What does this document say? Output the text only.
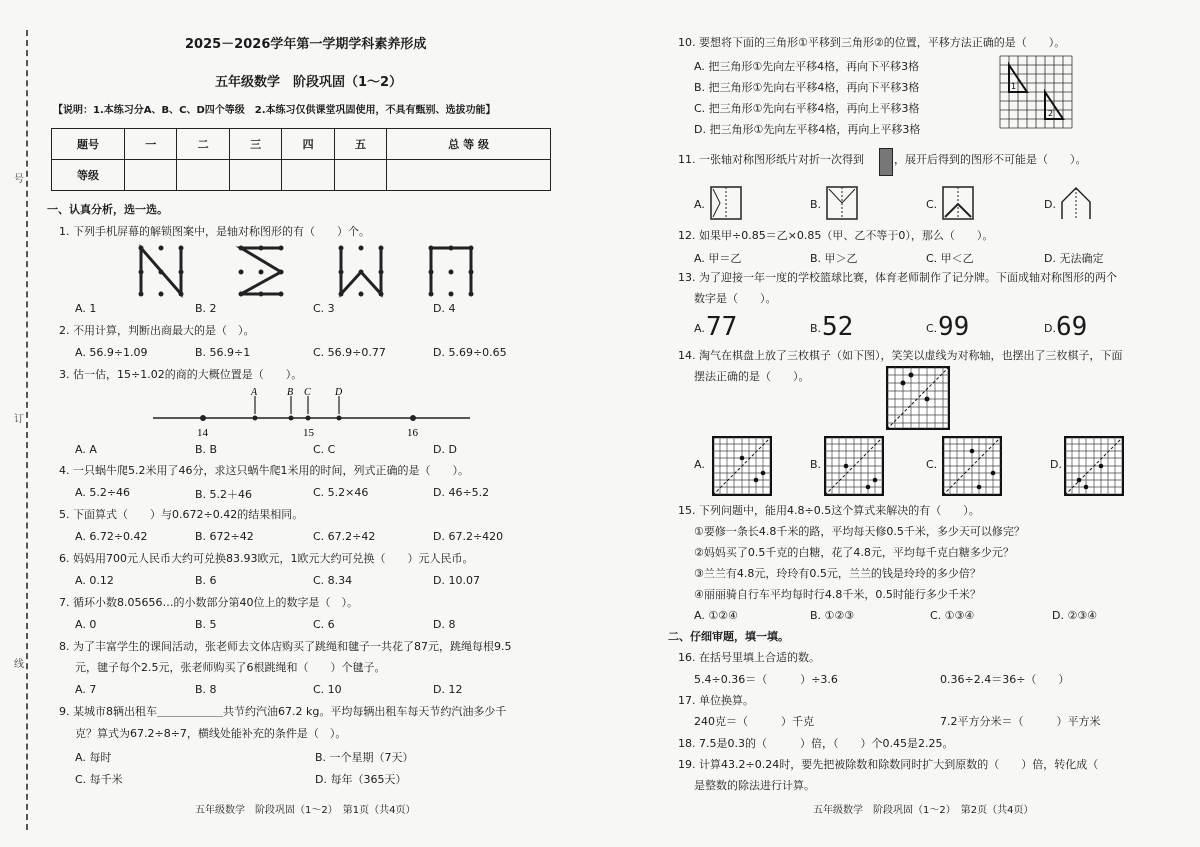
号
订
线
2025－2026学年第一学期学科素养形成
五年级数学　阶段巩固（1～2）
【说明：1.本练习分A、B、C、D四个等级　2.本练习仅供课堂巩固使用，不具有甄别、选拔功能】
题号	一	二	三	四	五	总 等 级
等级						
一、认真分析，选一选。
1. 下列手机屏幕的解锁图案中，是轴对称图形的有（　　）个。
A. 1	B. 2	C. 3	D. 4
2. 不用计算，判断出商最大的是（　）。
A. 56.9÷1.09	B. 56.9÷1	C. 56.9÷0.77	D. 5.69÷0.65
3. 估一估，15÷1.02的商的大概位置是（　　）。
A	B C D
14	15	16
A. A	B. B	C. C	D. D
4. 一只蜗牛爬5.2米用了46分，求这只蜗牛爬1米用的时间，列式正确的是（　　）。
A. 5.2÷46	B. 5.2＋46	C. 5.2×46	D. 46÷5.2
5. 下面算式（　　）与0.672÷0.42的结果相同。
A. 6.72÷0.42	B. 672÷42	C. 67.2÷42	D. 67.2÷420
6. 妈妈用700元人民币大约可兑换83.93欧元，1欧元大约可兑换（　　）元人民币。
A. 0.12	B. 6	C. 8.34	D. 10.07
7. 循环小数8.05656…的小数部分第40位上的数字是（　）。
A. 0	B. 5	C. 6	D. 8
8. 为了丰富学生的课间活动，张老师去文体店购买了跳绳和毽子一共花了87元，跳绳每根9.5
元，毽子每个2.5元，张老师购买了6根跳绳和（　　）个毽子。
A. 7	B. 8	C. 10	D. 12
9. 某城市8辆出租车＿＿＿＿＿＿共节约汽油67.2 kg。平均每辆出租车每天节约汽油多少千
克？算式为67.2÷8÷7，横线处能补充的条件是（　）。
A. 每时	B. 一个星期（7天）
C. 每千米	D. 每年（365天）
五年级数学　阶段巩固（1～2）　第1页（共4页）
10. 要想将下面的三角形①平移到三角形②的位置，平移方法正确的是（　　）。
A. 把三角形①先向左平移4格，再向下平移3格
B. 把三角形①先向右平移4格，再向下平移3格
C. 把三角形①先向右平移4格，再向上平移3格
D. 把三角形①先向左平移4格，再向上平移3格
1
2
11. 一张轴对称图形纸片对折一次得到	，展开后得到的图形不可能是（　　）。
A.	B.	C.	D.
12. 如果甲÷0.85＝乙×0.85（甲、乙不等于0），那么（　　）。
A. 甲＝乙	B. 甲＞乙	C. 甲＜乙	D. 无法确定
13. 为了迎接一年一度的学校篮球比赛，体育老师制作了记分牌。下面成轴对称图形的两个
数字是（　　）。
A. 77	B. 52	C. 99	D. 69
14. 淘气在棋盘上放了三枚棋子（如下图），笑笑以虚线为对称轴，也摆出了三枚棋子，下面
摆法正确的是（　　）。
A.	B.	C.	D.
15. 下列问题中，能用4.8÷0.5这个算式来解决的有（　　）。
①要修一条长4.8千米的路，平均每天修0.5千米，多少天可以修完？
②妈妈买了0.5千克的白糖，花了4.8元，平均每千克白糖多少元？
③兰兰有4.8元，玲玲有0.5元，兰兰的钱是玲玲的多少倍？
④丽丽骑自行车平均每时行4.8千米，0.5时能行多少千米？
A. ①②④	B. ①②③	C. ①③④	D. ②③④
二、仔细审题，填一填。
16. 在括号里填上合适的数。
5.4÷0.36＝（　　　）÷3.6	0.36÷2.4＝36÷（　　）
17. 单位换算。
240克＝（　　　）千克	7.2平方分米＝（　　　）平方米
18. 7.5是0.3的（　　　）倍，（　　）个0.45是2.25。
19. 计算43.2÷0.24时，要先把被除数和除数同时扩大到原数的（　　）倍，转化成（
是整数的除法进行计算。
五年级数学　阶段巩固（1～2）　第2页（共4页）
